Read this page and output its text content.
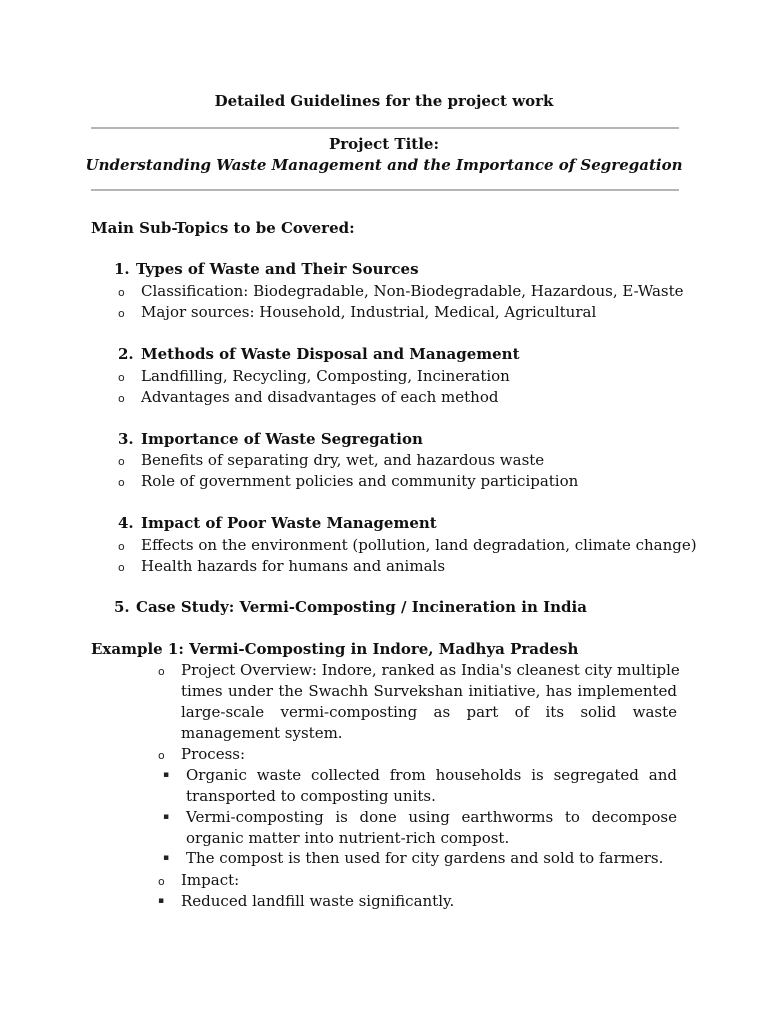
Detailed Guidelines for the project work
Project Title:
Understanding Waste Management and the Importance of Segregation
Main Sub-Topics to be Covered:
1. Types of Waste and Their Sources
o Classification: Biodegradable, Non-Biodegradable, Hazardous, E-Waste
o Major sources: Household, Industrial, Medical, Agricultural
2. Methods of Waste Disposal and Management
o Landfilling, Recycling, Composting, Incineration
o Advantages and disadvantages of each method
3. Importance of Waste Segregation
o Benefits of separating dry, wet, and hazardous waste
o Role of government policies and community participation
4. Impact of Poor Waste Management
o Effects on the environment (pollution, land degradation, climate change)
o Health hazards for humans and animals
5. Case Study: Vermi-Composting / Incineration in India
Example 1: Vermi-Composting in Indore, Madhya Pradesh
o Project Overview: Indore, ranked as India's cleanest city multiple
times under the Swachh Survekshan initiative, has implemented
large-scale vermi-composting as part of its solid waste
management system.
o Process:
▪ Organic waste collected from households is segregated and
transported to composting units.
▪ Vermi-composting is done using earthworms to decompose
organic matter into nutrient-rich compost.
▪ The compost is then used for city gardens and sold to farmers.
o Impact:
▪ Reduced landfill waste significantly.
